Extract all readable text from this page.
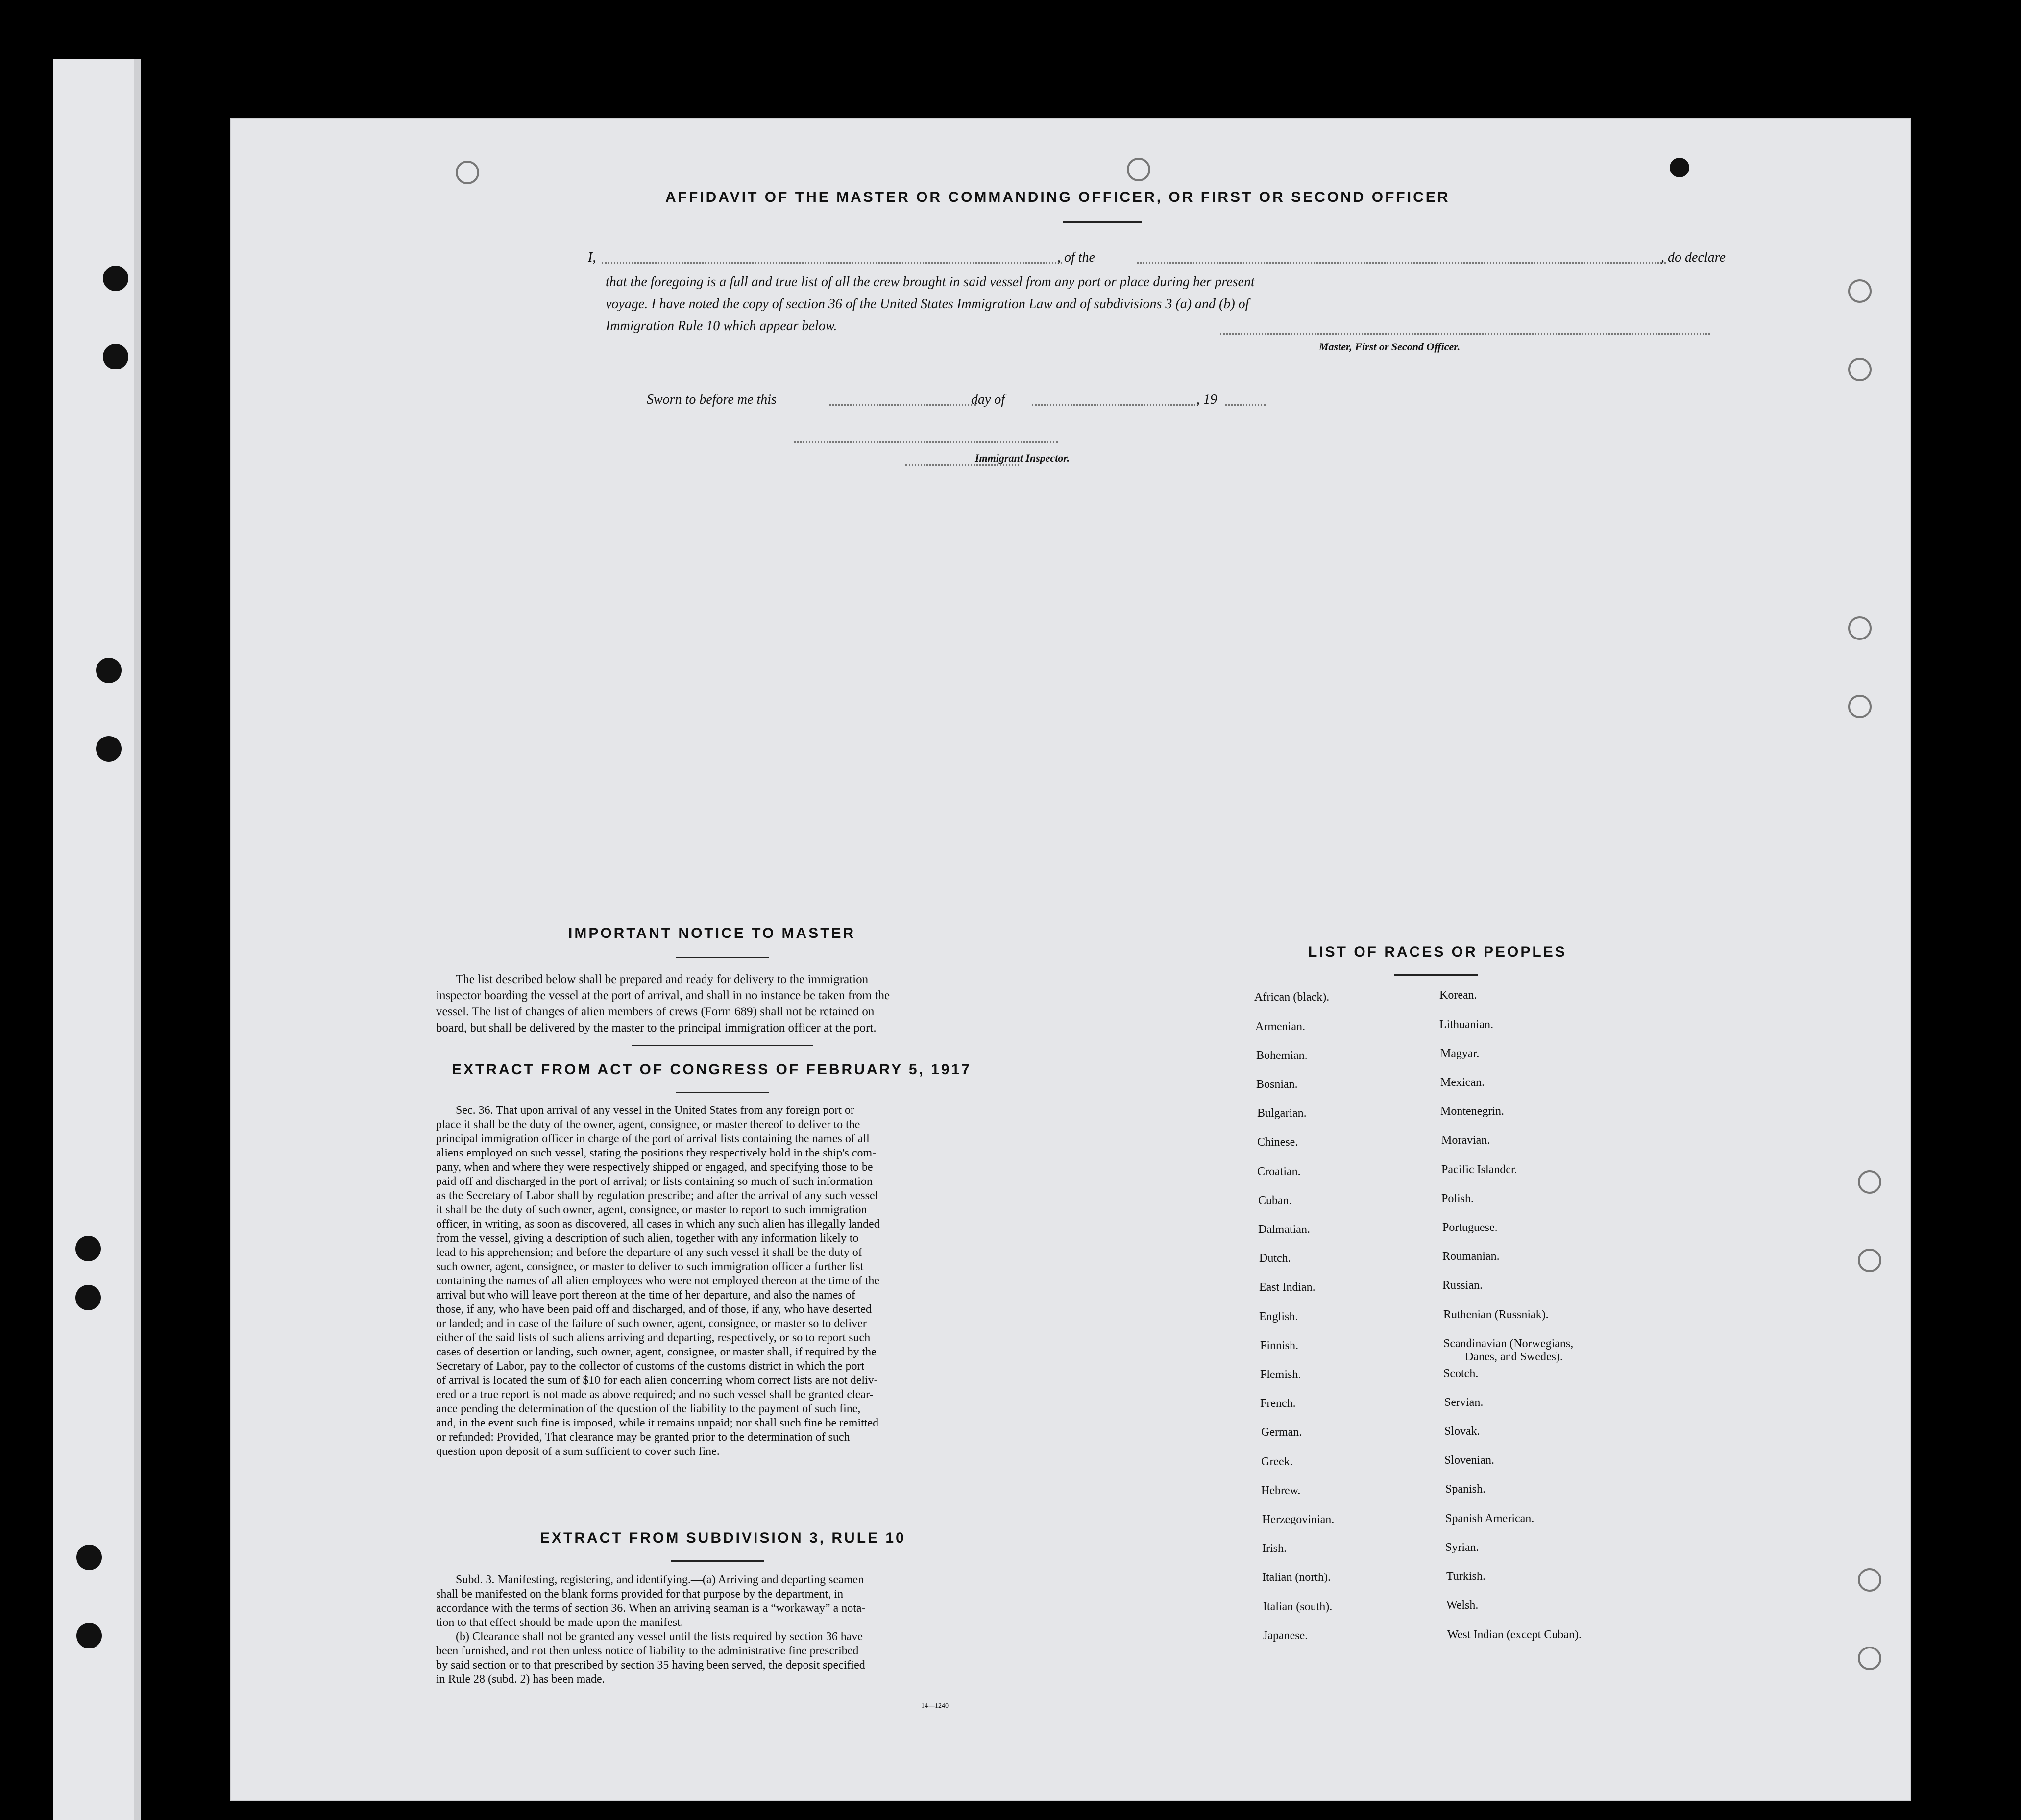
AFFIDAVIT OF THE MASTER OR COMMANDING OFFICER, OR FIRST OR SECOND OFFICER
I,	, of the	, do declare
that the foregoing is a full and true list of all the crew brought in said vessel from any port or place during her present
voyage. I have noted the copy of section 36 of the United States Immigration Law and of subdivisions 3 (a) and (b) of
Immigration Rule 10 which appear below.
Master, First or Second Officer.
Sworn to before me this	day of	, 19
Immigrant Inspector.
IMPORTANT NOTICE TO MASTER
The list described below shall be prepared and ready for delivery to the immigration
inspector boarding the vessel at the port of arrival, and shall in no instance be taken from the
vessel. The list of changes of alien members of crews (Form 689) shall not be retained on
board, but shall be delivered by the master to the principal immigration officer at the port.
EXTRACT FROM ACT OF CONGRESS OF FEBRUARY 5, 1917
Sec. 36. That upon arrival of any vessel in the United States from any foreign port or
place it shall be the duty of the owner, agent, consignee, or master thereof to deliver to the
principal immigration officer in charge of the port of arrival lists containing the names of all
aliens employed on such vessel, stating the positions they respectively hold in the ship's com-
pany, when and where they were respectively shipped or engaged, and specifying those to be
paid off and discharged in the port of arrival; or lists containing so much of such information
as the Secretary of Labor shall by regulation prescribe; and after the arrival of any such vessel
it shall be the duty of such owner, agent, consignee, or master to report to such immigration
officer, in writing, as soon as discovered, all cases in which any such alien has illegally landed
from the vessel, giving a description of such alien, together with any information likely to
lead to his apprehension; and before the departure of any such vessel it shall be the duty of
such owner, agent, consignee, or master to deliver to such immigration officer a further list
containing the names of all alien employees who were not employed thereon at the time of the
arrival but who will leave port thereon at the time of her departure, and also the names of
those, if any, who have been paid off and discharged, and of those, if any, who have deserted
or landed; and in case of the failure of such owner, agent, consignee, or master so to deliver
either of the said lists of such aliens arriving and departing, respectively, or so to report such
cases of desertion or landing, such owner, agent, consignee, or master shall, if required by the
Secretary of Labor, pay to the collector of customs of the customs district in which the port
of arrival is located the sum of $10 for each alien concerning whom correct lists are not deliv-
ered or a true report is not made as above required; and no such vessel shall be granted clear-
ance pending the determination of the question of the liability to the payment of such fine,
and, in the event such fine is imposed, while it remains unpaid; nor shall such fine be remitted
or refunded: Provided, That clearance may be granted prior to the determination of such
question upon deposit of a sum sufficient to cover such fine.
EXTRACT FROM SUBDIVISION 3, RULE 10
Subd. 3. Manifesting, registering, and identifying.—(a) Arriving and departing seamen
shall be manifested on the blank forms provided for that purpose by the department, in
accordance with the terms of section 36. When an arriving seaman is a “workaway” a nota-
tion to that effect should be made upon the manifest.
(b) Clearance shall not be granted any vessel until the lists required by section 36 have
been furnished, and not then unless notice of liability to the administrative fine prescribed
by said section or to that prescribed by section 35 having been served, the deposit specified
in Rule 28 (subd. 2) has been made.
14—1240
LIST OF RACES OR PEOPLES
African (black).
Armenian.
Bohemian.
Bosnian.
Bulgarian.
Chinese.
Croatian.
Cuban.
Dalmatian.
Dutch.
East Indian.
English.
Finnish.
Flemish.
French.
German.
Greek.
Hebrew.
Herzegovinian.
Irish.
Italian (north).
Italian (south).
Japanese.
Korean.
Lithuanian.
Magyar.
Mexican.
Montenegrin.
Moravian.
Pacific Islander.
Polish.
Portuguese.
Roumanian.
Russian.
Ruthenian (Russniak).
Scandinavian (Norwegians,
Danes, and Swedes).
Scotch.
Servian.
Slovak.
Slovenian.
Spanish.
Spanish American.
Syrian.
Turkish.
Welsh.
West Indian (except Cuban).
